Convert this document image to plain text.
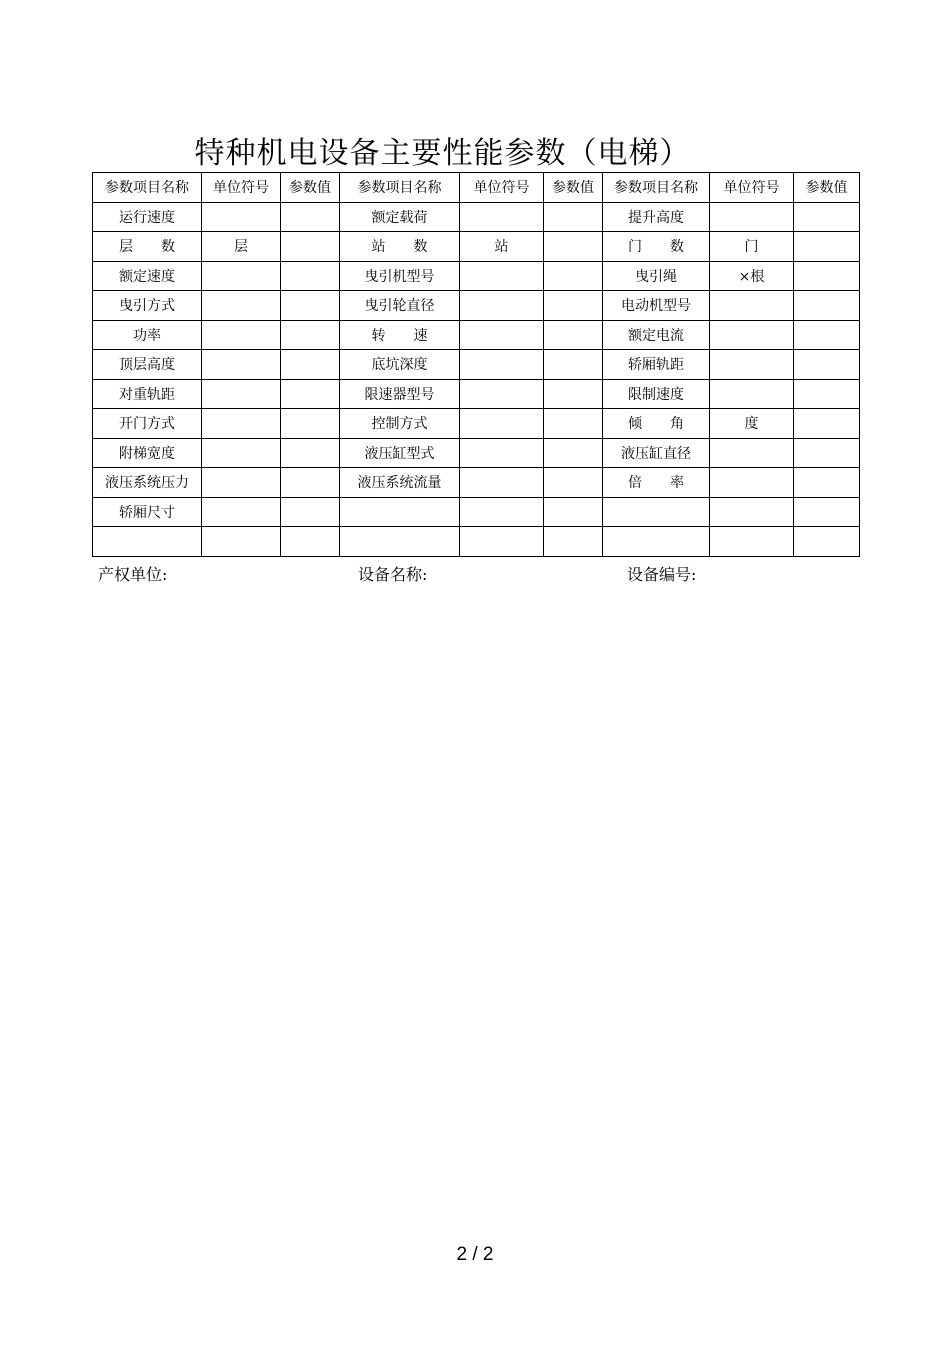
特种机电设备主要性能参数（电梯）
参数项目名称	单位符号	参数值	参数项目名称	单位符号	参数值	参数项目名称	单位符号	参数值
运行速度			额定载荷			提升高度		
层　　数	层		站　　数	站		门　　数	门	
额定速度			曳引机型号			曳引绳	×根	
曳引方式			曳引轮直径			电动机型号		
功率			转　　速			额定电流		
顶层高度			底坑深度			轿厢轨距		
对重轨距			限速器型号			限制速度		
开门方式			控制方式			倾　　角	度	
附梯宽度			液压缸型式			液压缸直径		
液压系统压力			液压系统流量			倍　　率		
轿厢尺寸								

产权单位:	设备名称:	设备编号:
2 / 2
